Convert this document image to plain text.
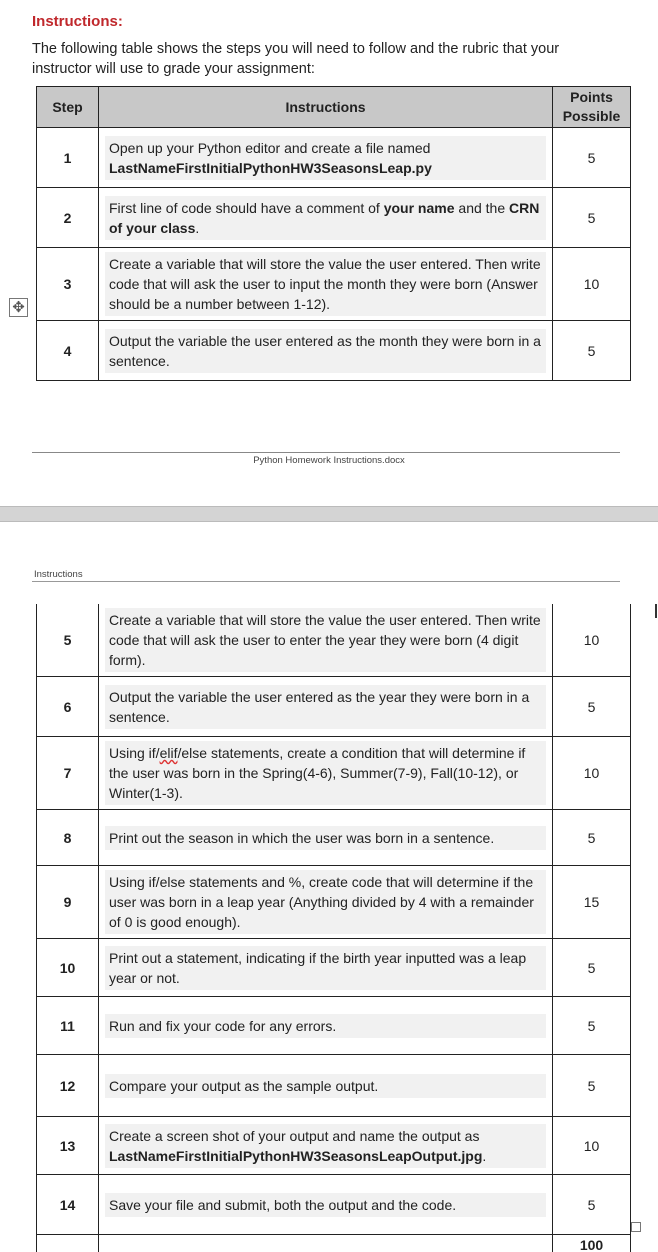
Instructions:
The following table shows the steps you will need to follow and the rubric that your instructor will use to grade your assignment:
✥
Step	Instructions	Points Possible
1	Open up your Python editor and create a file named LastNameFirstInitialPythonHW3SeasonsLeap.py	5
2	First line of code should have a comment of your name and the CRN of your class.	5
3	Create a variable that will store the value the user entered. Then write code that will ask the user to input the month they were born (Answer should be a number between 1-12).	10
4	Output the variable the user entered as the month they were born in a sentence.	5
Python Homework Instructions.docx
Instructions
5	Create a variable that will store the value the user entered. Then write code that will ask the user to enter the year they were born (4 digit form).	10
6	Output the variable the user entered as the year they were born in a sentence.	5
7	Using if/elif/else statements, create a condition that will determine if the user was born in the Spring(4-6), Summer(7-9), Fall(10-12), or Winter(1-3).	10
8	Print out the season in which the user was born in a sentence.	5
9	Using if/else statements and %, create code that will determine if the user was born in a leap year (Anything divided by 4 with a remainder of 0 is good enough).	15
10	Print out a statement, indicating if the birth year inputted was a leap year or not.	5
11	Run and fix your code for any errors.	5
12	Compare your output as the sample output.	5
13	Create a screen shot of your output and name the output as LastNameFirstInitialPythonHW3SeasonsLeapOutput.jpg.	10
14	Save your file and submit, both the output and the code.	5
		100
